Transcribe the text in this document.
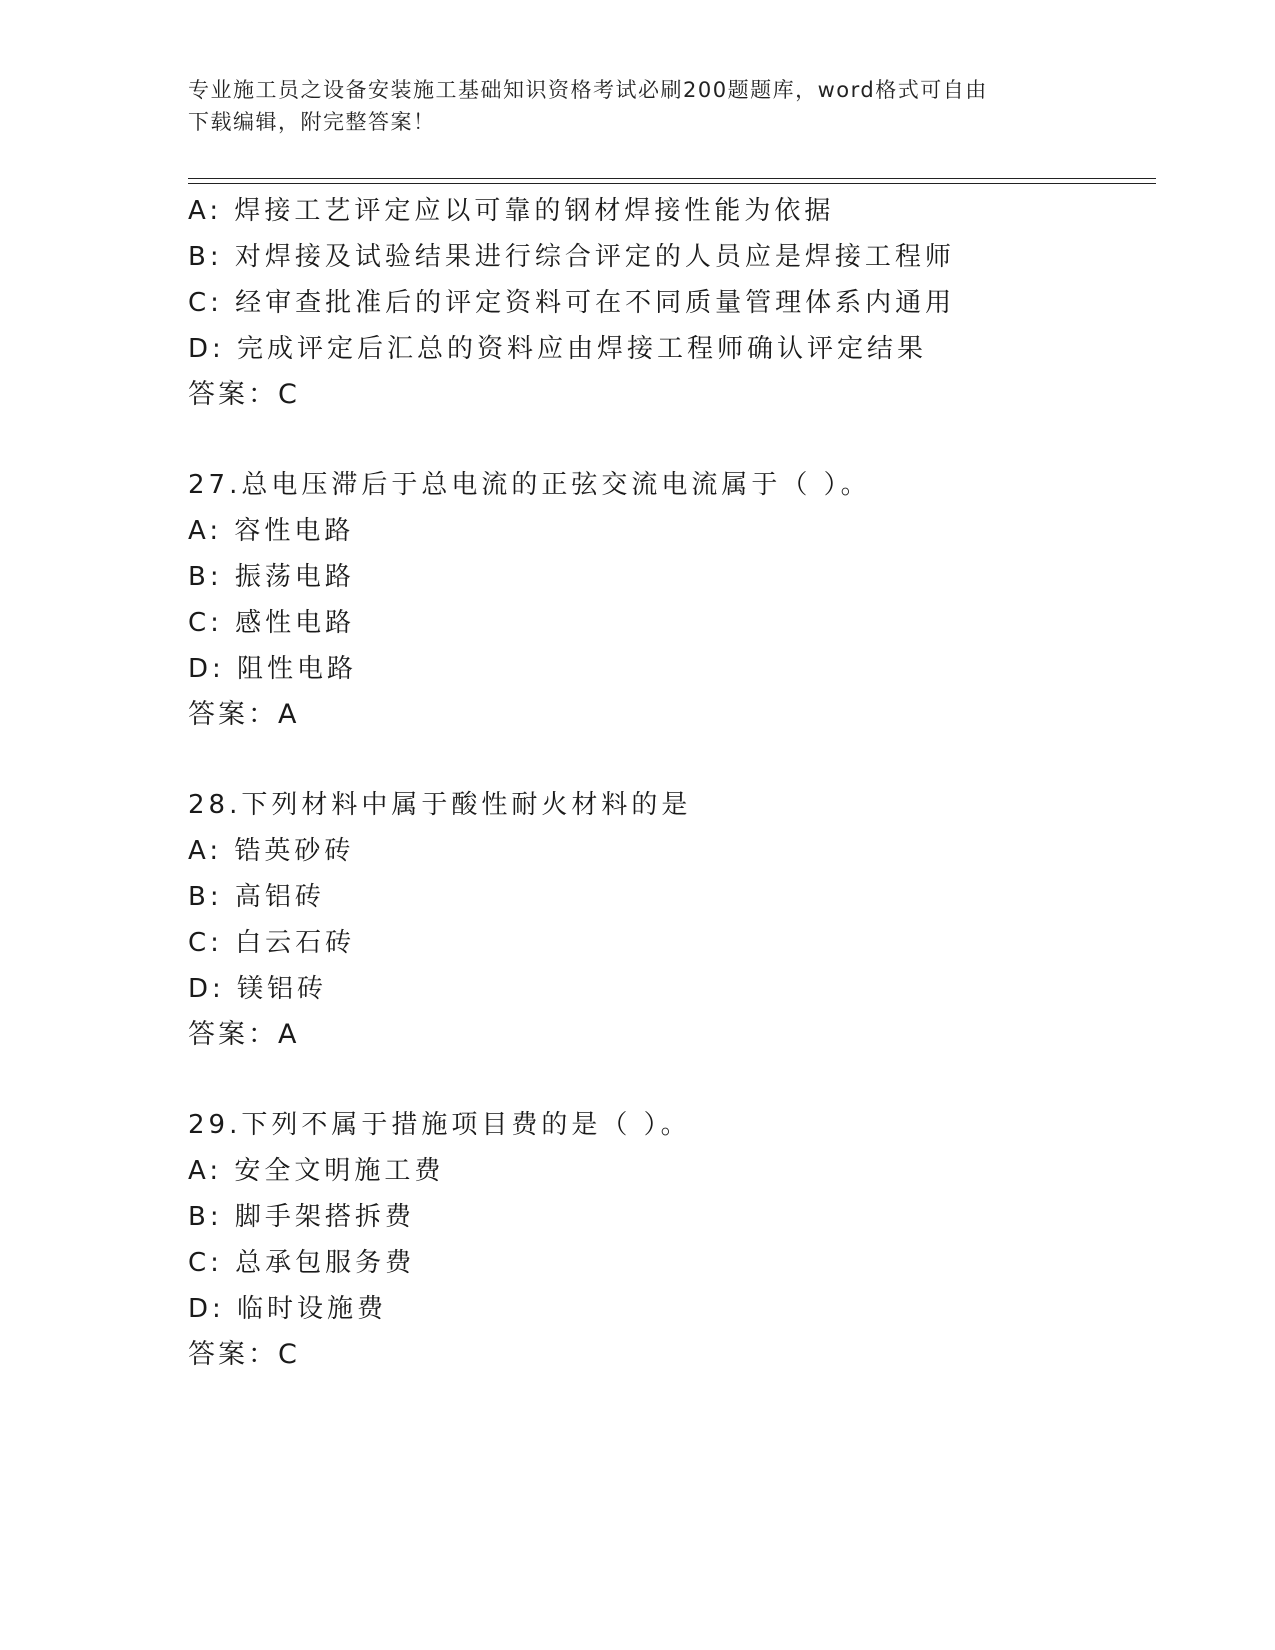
专业施工员之设备安装施工基础知识资格考试必刷200题题库，word格式可自由
下载编辑，附完整答案！
A: 焊接工艺评定应以可靠的钢材焊接性能为依据
B: 对焊接及试验结果进行综合评定的人员应是焊接工程师
C: 经审查批准后的评定资料可在不同质量管理体系内通用
D: 完成评定后汇总的资料应由焊接工程师确认评定结果
答案：C
27.总电压滞后于总电流的正弦交流电流属于（ ）。
A: 容性电路
B: 振荡电路
C: 感性电路
D: 阻性电路
答案：A
28.下列材料中属于酸性耐火材料的是
A: 锆英砂砖
B: 高铝砖
C: 白云石砖
D: 镁铝砖
答案：A
29.下列不属于措施项目费的是（ ）。
A: 安全文明施工费
B: 脚手架搭拆费
C: 总承包服务费
D: 临时设施费
答案：C
